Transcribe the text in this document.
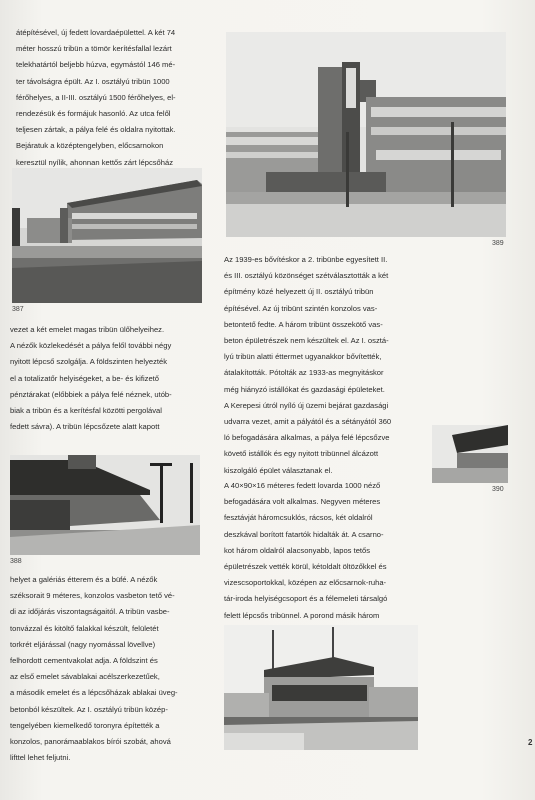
átépítésével, új fedett lovardaépülettel. A két 74
méter hosszú tribün a tömör kerítésfallal lezárt
telekhatártól beljebb húzva, egymástól 146 mé-
ter távolságra épült. Az I. osztályú tribün 1000
férőhelyes, a II-III. osztályú 1500 férőhelyes, el-
rendezésük és formájuk hasonló. Az utca felől
teljesen zártak, a pálya felé és oldalra nyitottak.
Bejáratuk a középtengelyben, előcsarnokon
keresztül nyílik, ahonnan kettős zárt lépcsőház
387
vezet a két emelet magas tribün ülőhelyeihez.
A nézők közlekedését a pálya felől további négy
nyitott lépcső szolgálja. A földszinten helyezték
el a totalizatőr helyiségeket, a be- és kifizető
pénztárakat (előbbiek a pálya felé néznek, utób-
biak a tribün és a kerítésfal közötti pergolával
fedett sávra). A tribün lépcsőzete alatt kapott
388
helyet a galériás étterem és a büfé. A nézők
széksorait 9 méteres, konzolos vasbeton tető vé-
di az időjárás viszontagságaitól. A tribün vasbe-
tonvázzal és kitöltő falakkal készült, felületét
torkrét eljárással (nagy nyomással lövellve)
felhordott cementvakolat adja. A földszint és
az első emelet sávablakai acélszerkezetűek,
a második emelet és a lépcsőházak ablakai üveg-
betonból készültek. Az I. osztályú tribün közép-
tengelyében kiemelkedő toronyra építették a
konzolos, panorámaablakos bírói szobát, ahová
lifttel lehet feljutni.
389
Az 1939-es bővítéskor a 2. tribünbe egyesített II.
és III. osztályú közönséget szétválasztották a két
építmény közé helyezett új II. osztályú tribün
építésével. Az új tribünt szintén konzolos vas-
betontető fedte. A három tribünt összekötő vas-
beton épületrészek nem készültek el. Az I. osztá-
lyú tribün alatti éttermet ugyanakkor bővítették,
átalakították. Pótolták az 1933-as megnyitáskor
még hiányzó istállókat és gazdasági épületeket.
A Kerepesi útról nyíló új üzemi bejárat gazdasági
udvarra vezet, amit a pályától és a sétányától 360
ló befogadására alkalmas, a pálya felé lépcsőzve
követő istállók és egy nyitott tribünnel álcázott
kiszolgáló épület választanak el.
390
A 40×90×16 méteres fedett lovarda 1000 néző
befogadására volt alkalmas. Negyven méteres
fesztávját háromcsuklós, rácsos, két oldalról
deszkával borított fatartók hidalták át. A csarno-
kot három oldalról alacsonyabb, lapos tetős
épületrészek vették körül, kétoldalt öltözőkkel és
vizescsoportokkal, középen az előcsarnok-ruha-
tár-iroda helyiségcsoport és a félemeleti társalgó
felett lépcsős tribünnel. A porond másik három
2
